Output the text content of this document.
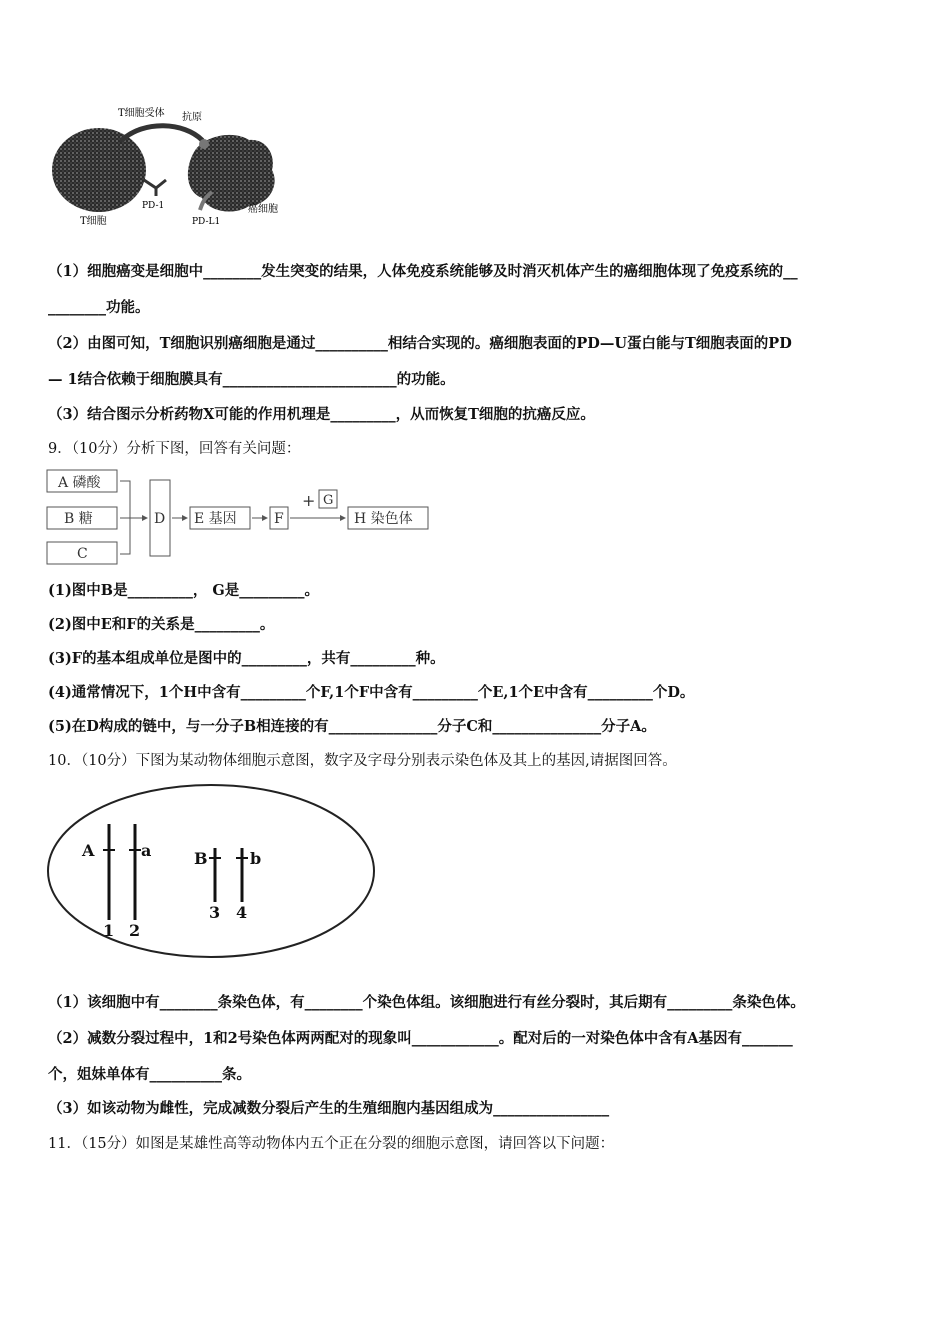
T细胞受体 抗原
T细胞
PD-1
PD-L1
癌细胞
（1）细胞癌变是细胞中________发生突变的结果，人体免疫系统能够及时消灭机体产生的癌细胞体现了免疫系统的__
________功能。
（2）由图可知，T细胞识别癌细胞是通过__________相结合实现的。癌细胞表面的PD—U蛋白能与T细胞表面的PD
— 1结合依赖于细胞膜具有________________________的功能。
（3）结合图示分析药物X可能的作用机理是_________，从而恢复T细胞的抗癌反应。
9．（10分）分析下图，回答有关问题：
A 磷酸
B 糖
C
D E 基因	F
+ G
H 染色体
(1)图中B是_________， G是_________。
(2)图中E和F的关系是_________。
(3)F的基本组成单位是图中的_________，共有_________种。
(4)通常情况下，1个H中含有_________个F,1个F中含有_________个E,1个E中含有_________个D。
(5)在D构成的链中，与一分子B相连接的有_______________分子C和_______________分子A。
10．（10分）下图为某动物体细胞示意图，数字及字母分别表示染色体及其上的基因,请据图回答。
A	a	B	b
1 2
3 4
（1）该细胞中有________条染色体，有________个染色体组。该细胞进行有丝分裂时，其后期有_________条染色体。
（2）减数分裂过程中，1和2号染色体两两配对的现象叫____________。配对后的一对染色体中含有A基因有_______
个，姐妹单体有__________条。
（3）如该动物为雌性，完成减数分裂后产生的生殖细胞内基因组成为________________
11．（15分）如图是某雄性高等动物体内五个正在分裂的细胞示意图，请回答以下问题：
